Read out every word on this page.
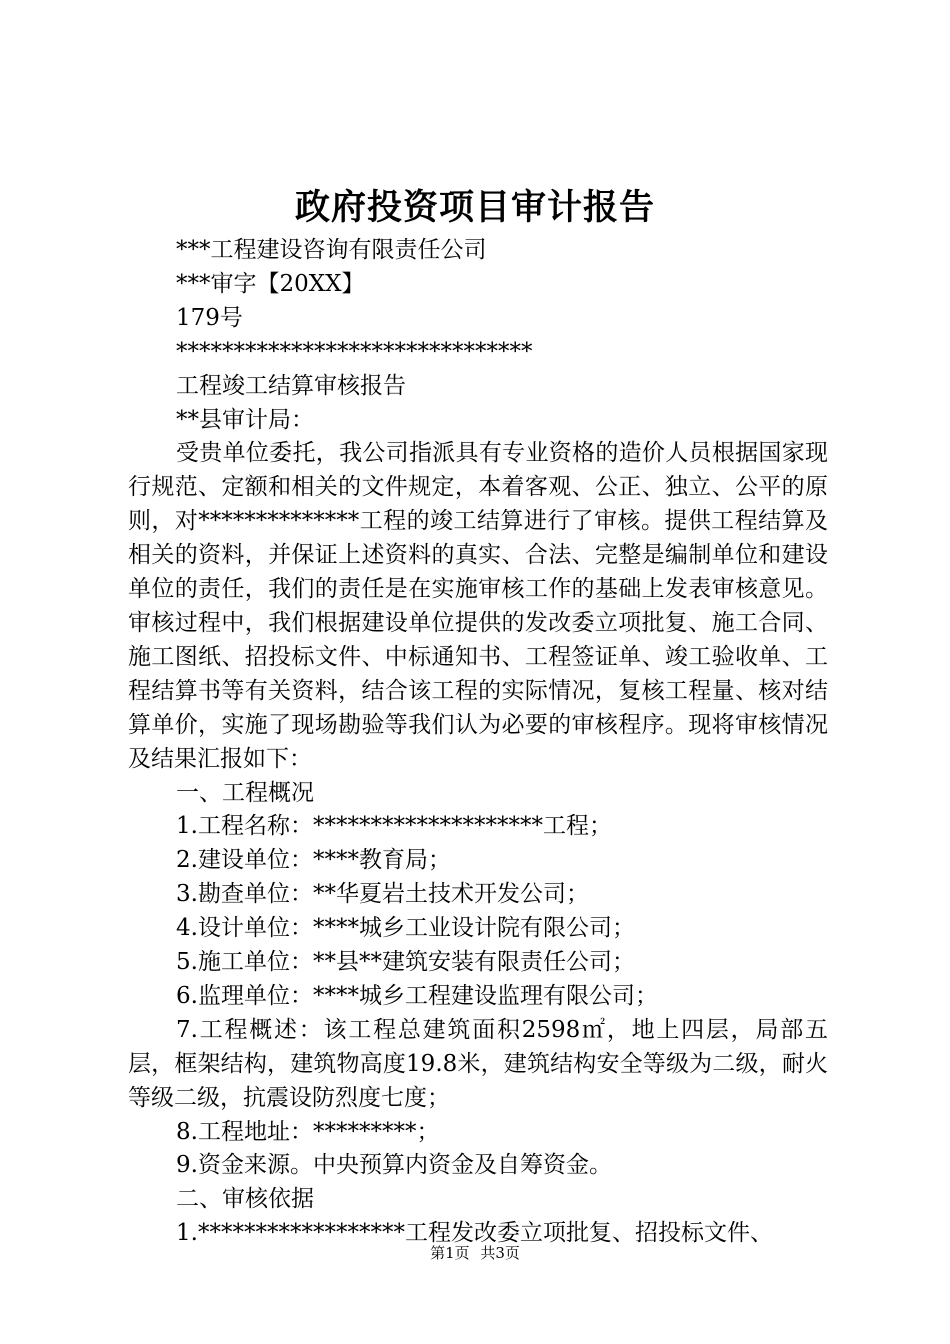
政府投资项目审计报告

***工程建设咨询有限责任公司

***审字【20XX】

179号

*******************************

工程竣工结算审核报告

**县审计局：

受贵单位委托，我公司指派具有专业资格的造价人员根据国家现行规范、定额和相关的文件规定，本着客观、公正、独立、公平的原则，对**************工程的竣工结算进行了审核。提供工程结算及相关的资料，并保证上述资料的真实、合法、完整是编制单位和建设单位的责任，我们的责任是在实施审核工作的基础上发表审核意见。审核过程中，我们根据建设单位提供的发改委立项批复、施工合同、施工图纸、招投标文件、中标通知书、工程签证单、竣工验收单、工程结算书等有关资料，结合该工程的实际情况，复核工程量、核对结算单价，实施了现场勘验等我们认为必要的审核程序。现将审核情况及结果汇报如下：

一、工程概况

1.工程名称：********************工程；

2.建设单位：****教育局；

3.勘查单位：**华夏岩土技术开发公司；

4.设计单位：****城乡工业设计院有限公司；

5.施工单位：**县**建筑安装有限责任公司；

6.监理单位：****城乡工程建设监理有限公司；

7.工程概述：该工程总建筑面积2598㎡，地上四层，局部五层，框架结构，建筑物高度19.8米，建筑结构安全等级为二级，耐火等级二级，抗震设防烈度七度；

8.工程地址：*********；

9.资金来源。中央预算内资金及自筹资金。

二、审核依据

1.******************工程发改委立项批复、招投标文件、

第1页 共3页
